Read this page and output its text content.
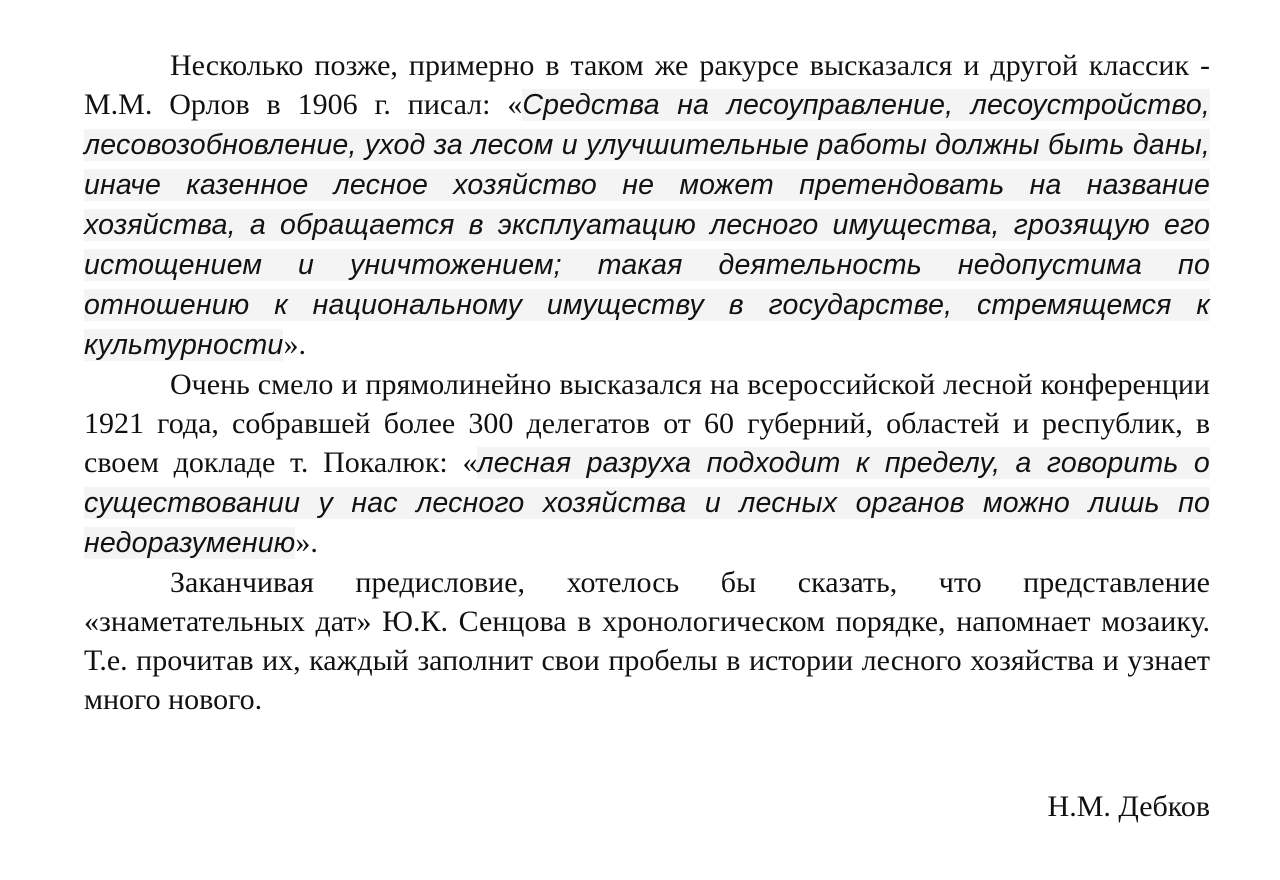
Несколько позже, примерно в таком же ракурсе высказался и другой классик - М.М. Орлов в 1906 г. писал: «Средства на лесоуправление, лесоустройство, лесовозобновление, уход за лесом и улучшительные работы должны быть даны, иначе казенное лесное хозяйство не может претендовать на название хозяйства, а обращается в эксплуатацию лесного имущества, грозящую его истощением и уничтожением; такая деятельность недопустима по отношению к национальному имуществу в государстве, стремящемся к культурности».

Очень смело и прямолинейно высказался на всероссийской лесной конференции 1921 года, собравшей более 300 делегатов от 60 губерний, областей и республик, в своем докладе т. Покалюк: «лесная разруха подходит к пределу, а говорить о существовании у нас лесного хозяйства и лесных органов можно лишь по недоразумению».

Заканчивая предисловие, хотелось бы сказать, что представление «знаметательных дат» Ю.К. Сенцова в хронологическом порядке, напомнает мозаику. Т.е. прочитав их, каждый заполнит свои пробелы в истории лесного хозяйства и узнает много нового.

Н.М. Дебков
